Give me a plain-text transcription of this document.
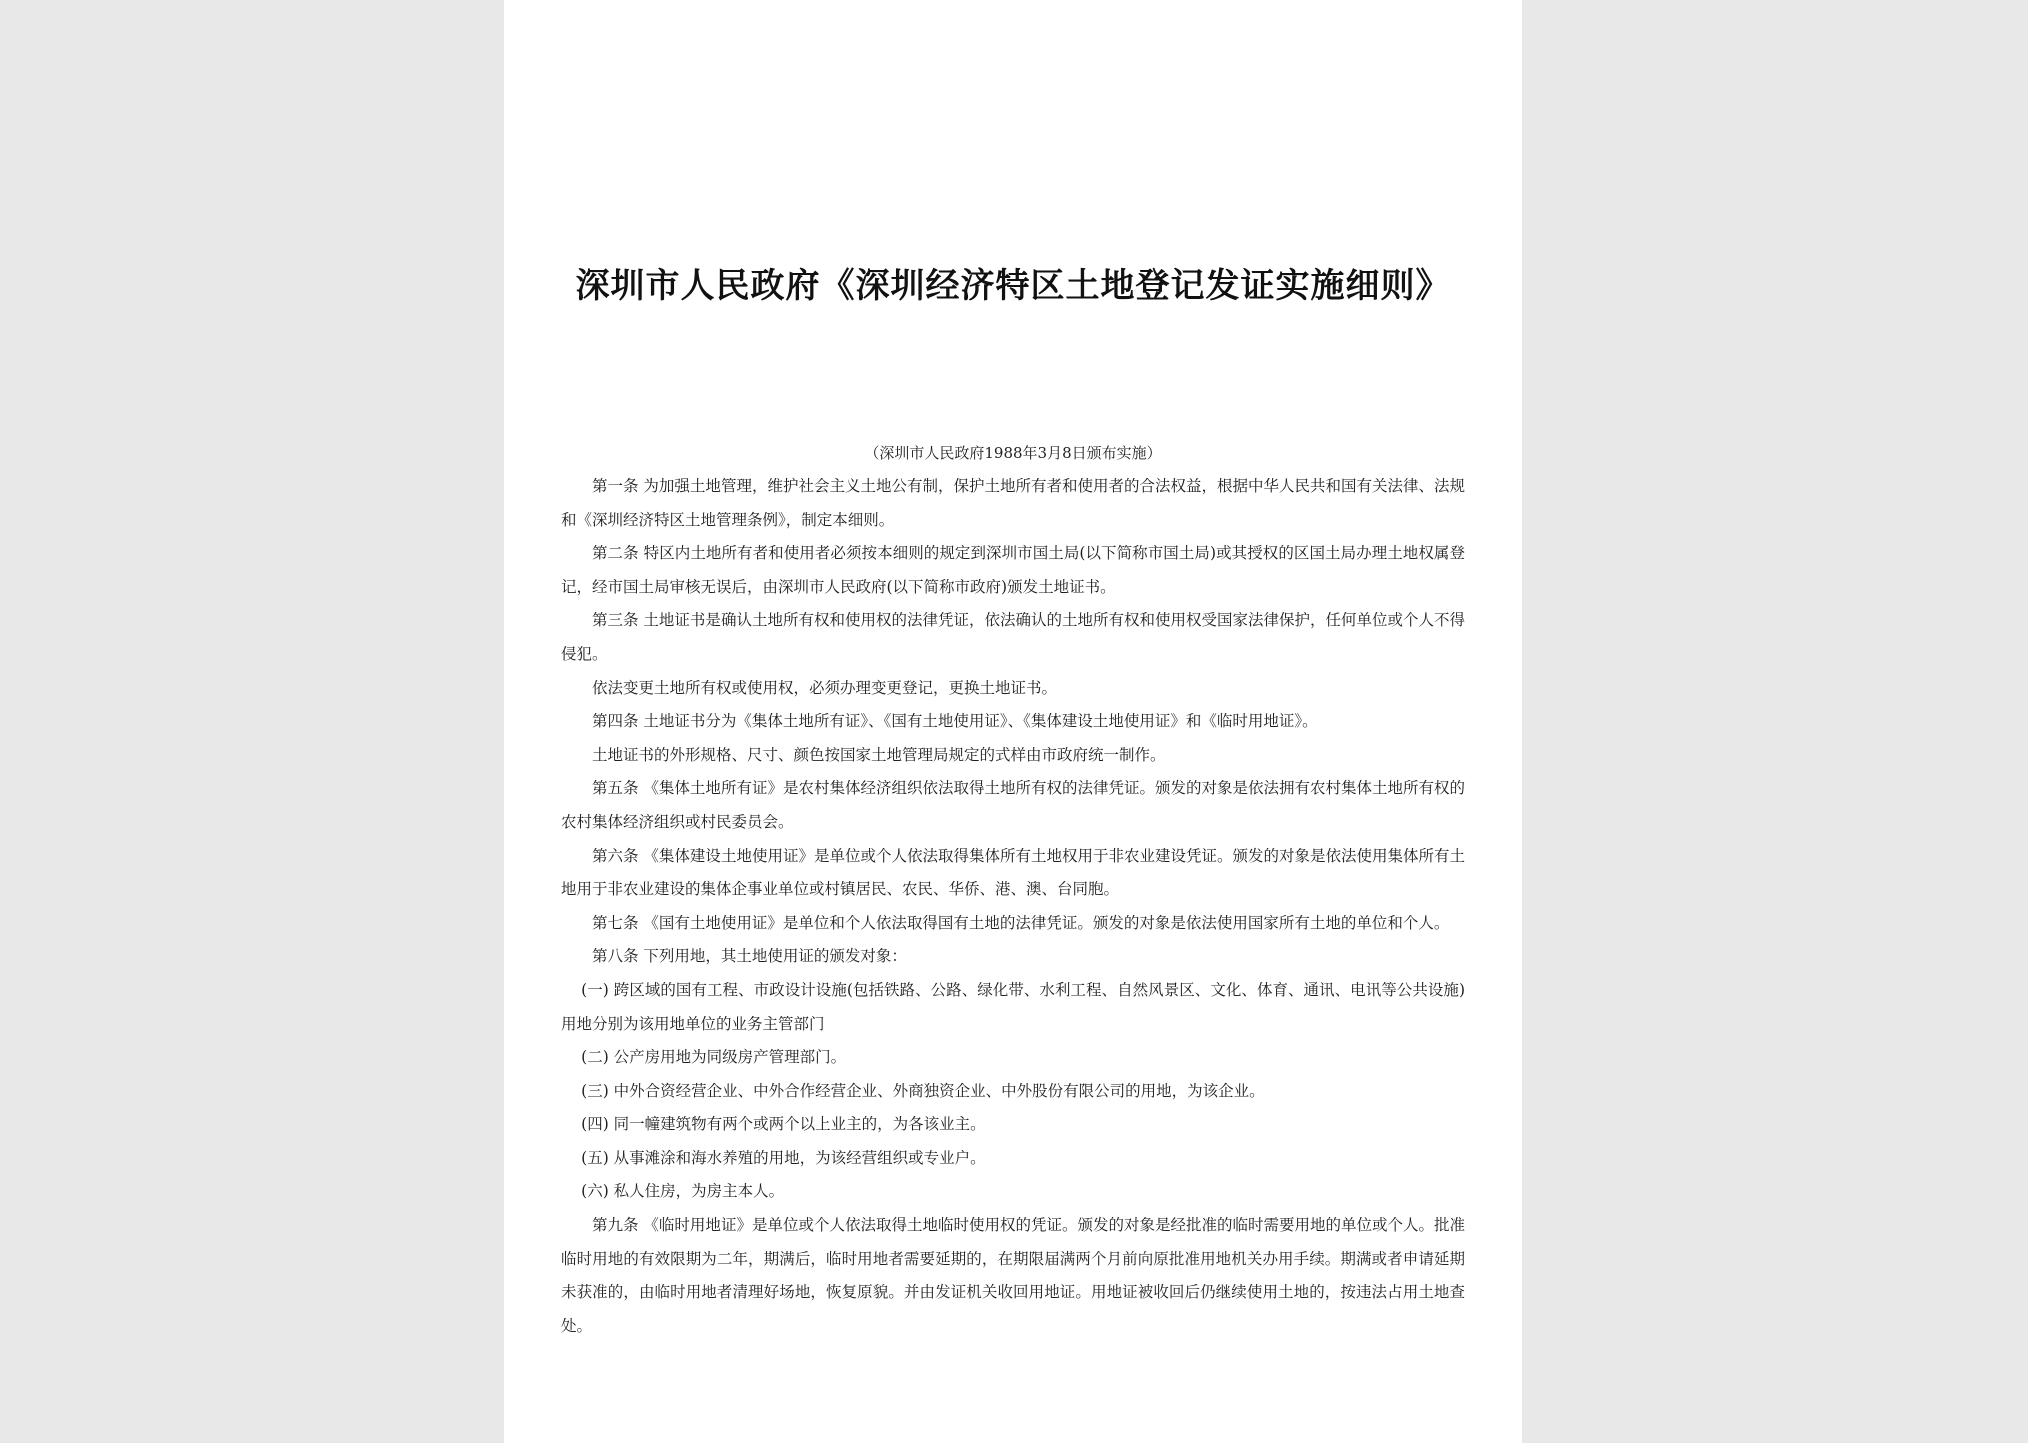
深圳市人民政府《深圳经济特区土地登记发证实施细则》

（深圳市人民政府1988年3月8日颁布实施）

第一条 为加强土地管理，维护社会主义土地公有制，保护土地所有者和使用者的合法权益，根据中华人民共和国有关法律、法规和《深圳经济特区土地管理条例》，制定本细则。

第二条 特区内土地所有者和使用者必须按本细则的规定到深圳市国土局(以下简称市国土局)或其授权的区国土局办理土地权属登记，经市国土局审核无误后，由深圳市人民政府(以下简称市政府)颁发土地证书。

第三条 土地证书是确认土地所有权和使用权的法律凭证，依法确认的土地所有权和使用权受国家法律保护，任何单位或个人不得侵犯。

依法变更土地所有权或使用权，必须办理变更登记，更换土地证书。

第四条 土地证书分为《集体土地所有证》、《国有土地使用证》、《集体建设土地使用证》和《临时用地证》。

土地证书的外形规格、尺寸、颜色按国家土地管理局规定的式样由市政府统一制作。

第五条 《集体土地所有证》是农村集体经济组织依法取得土地所有权的法律凭证。颁发的对象是依法拥有农村集体土地所有权的农村集体经济组织或村民委员会。

第六条 《集体建设土地使用证》是单位或个人依法取得集体所有土地权用于非农业建设凭证。颁发的对象是依法使用集体所有土地用于非农业建设的集体企事业单位或村镇居民、农民、华侨、港、澳、台同胞。

第七条 《国有土地使用证》是单位和个人依法取得国有土地的法律凭证。颁发的对象是依法使用国家所有土地的单位和个人。

第八条 下列用地，其土地使用证的颁发对象：

(一) 跨区域的国有工程、市政设计设施(包括铁路、公路、绿化带、水利工程、自然风景区、文化、体育、通讯、电讯等公共设施)用地分别为该用地单位的业务主管部门

(二) 公产房用地为同级房产管理部门。

(三) 中外合资经营企业、中外合作经营企业、外商独资企业、中外股份有限公司的用地，为该企业。

(四) 同一幢建筑物有两个或两个以上业主的，为各该业主。

(五) 从事滩涂和海水养殖的用地，为该经营组织或专业户。

(六) 私人住房，为房主本人。

第九条 《临时用地证》是单位或个人依法取得土地临时使用权的凭证。颁发的对象是经批准的临时需要用地的单位或个人。批准临时用地的有效限期为二年，期满后，临时用地者需要延期的，在期限届满两个月前向原批准用地机关办用手续。期满或者申请延期未获准的，由临时用地者清理好场地，恢复原貌。并由发证机关收回用地证。用地证被收回后仍继续使用土地的，按违法占用土地查处。
